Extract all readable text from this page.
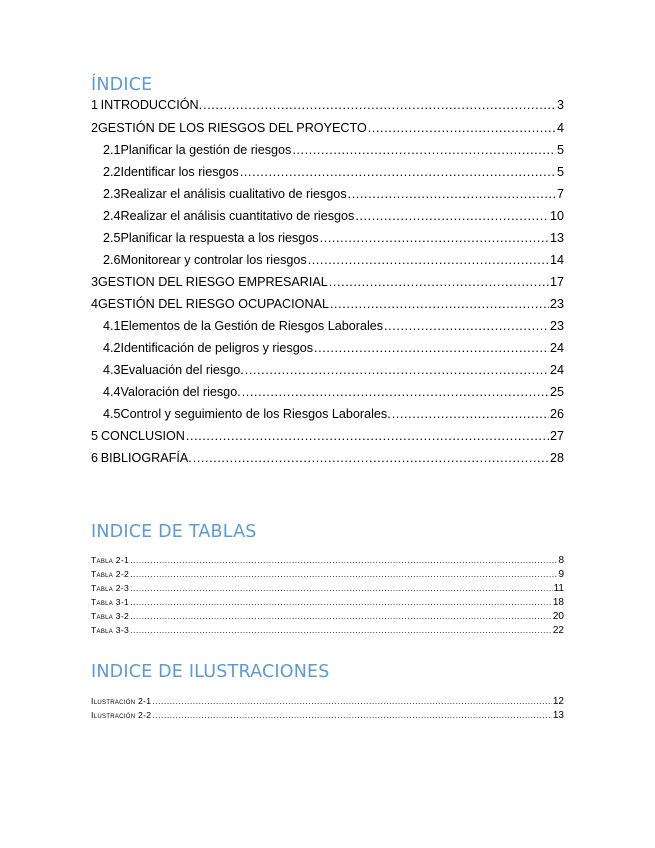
ÍNDICE
1 INTRODUCCIÓN. .....	3
2 GESTIÓN DE LOS RIESGOS DEL PROYECTO .....	4
2.1 Planificar la gestión de riesgos .....	5
2.2 Identificar los riesgos .....	5
2.3 Realizar el análisis cualitativo de riesgos .....	7
2.4 Realizar el análisis cuantitativo de riesgos .....	10
2.5 Planificar la respuesta a los riesgos .....	13
2.6 Monitorear y controlar los riesgos .....	14
3 GESTION DEL RIESGO EMPRESARIAL .....	17
4 GESTIÓN DEL RIESGO OCUPACIONAL .....	23
4.1 Elementos de la Gestión de Riesgos Laborales .....	23
4.2 Identificación de peligros y riesgos .....	24
4.3 Evaluación del riesgo. .....	24
4.4 Valoración del riesgo. .....	25
4.5 Control y seguimiento de los Riesgos Laborales. .....	26
5 CONCLUSION .....	27
6 BIBLIOGRAFÍA. .....	28
INDICE DE TABLAS
Tabla 2-1 .....	8
Tabla 2-2 .....	9
Tabla 2-3 .....	11
Tabla 3-1 .....	18
Tabla 3-2 .....	20
Tabla 3-3 .....	22
INDICE DE ILUSTRACIONES
Ilustración 2-1 .....	12
Ilustración 2-2 .....	13
